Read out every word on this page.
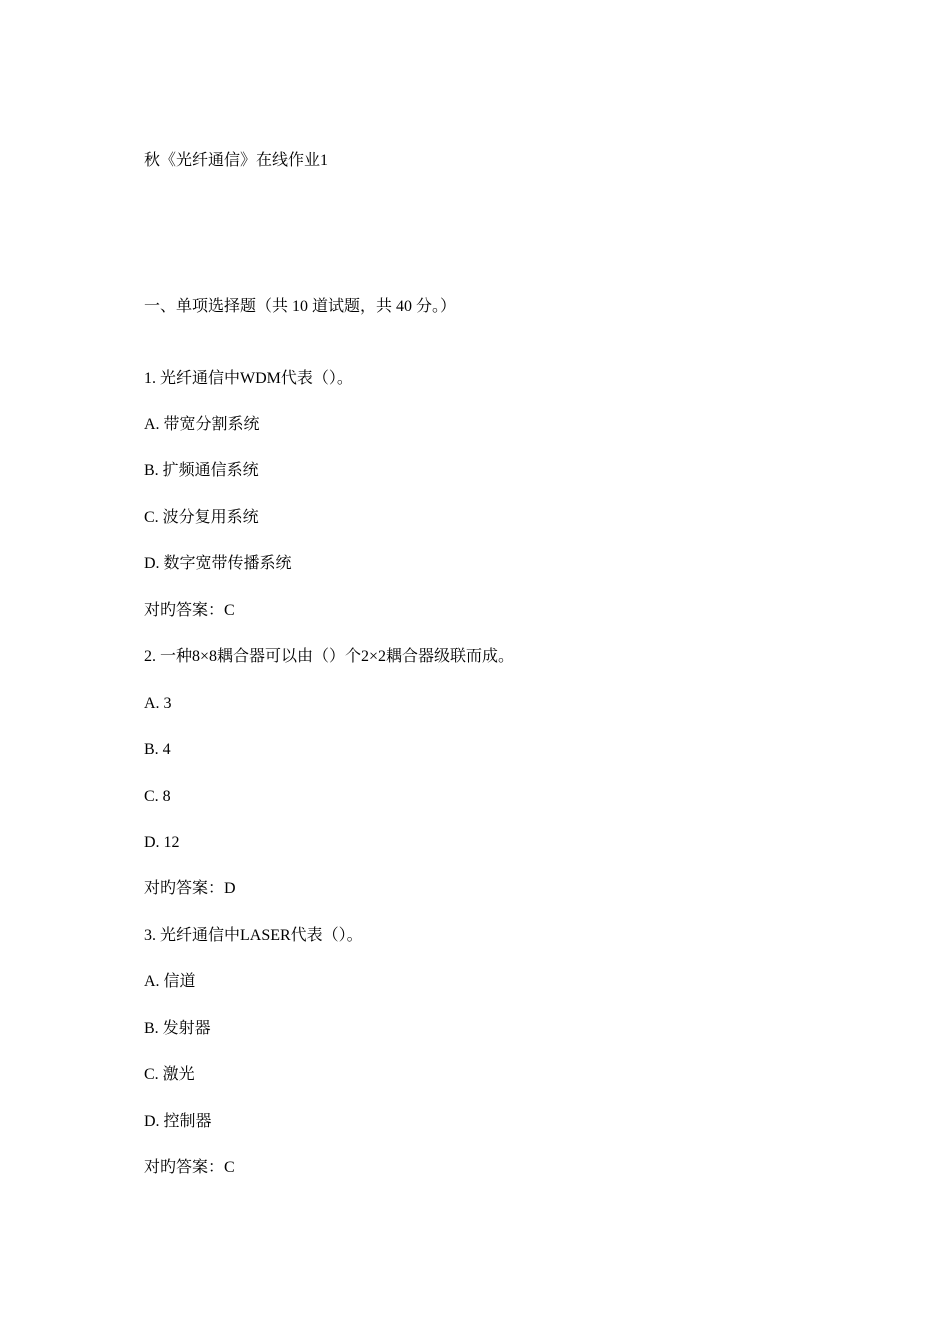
秋《光纤通信》在线作业1
一、单项选择题（共 10 道试题，共 40 分。）
1. 光纤通信中WDM代表（）。
A. 带宽分割系统
B. 扩频通信系统
C. 波分复用系统
D. 数字宽带传播系统
对旳答案：C
2. 一种8×8耦合器可以由（）个2×2耦合器级联而成。
A. 3
B. 4
C. 8
D. 12
对旳答案：D
3. 光纤通信中LASER代表（）。
A. 信道
B. 发射器
C. 激光
D. 控制器
对旳答案：C
